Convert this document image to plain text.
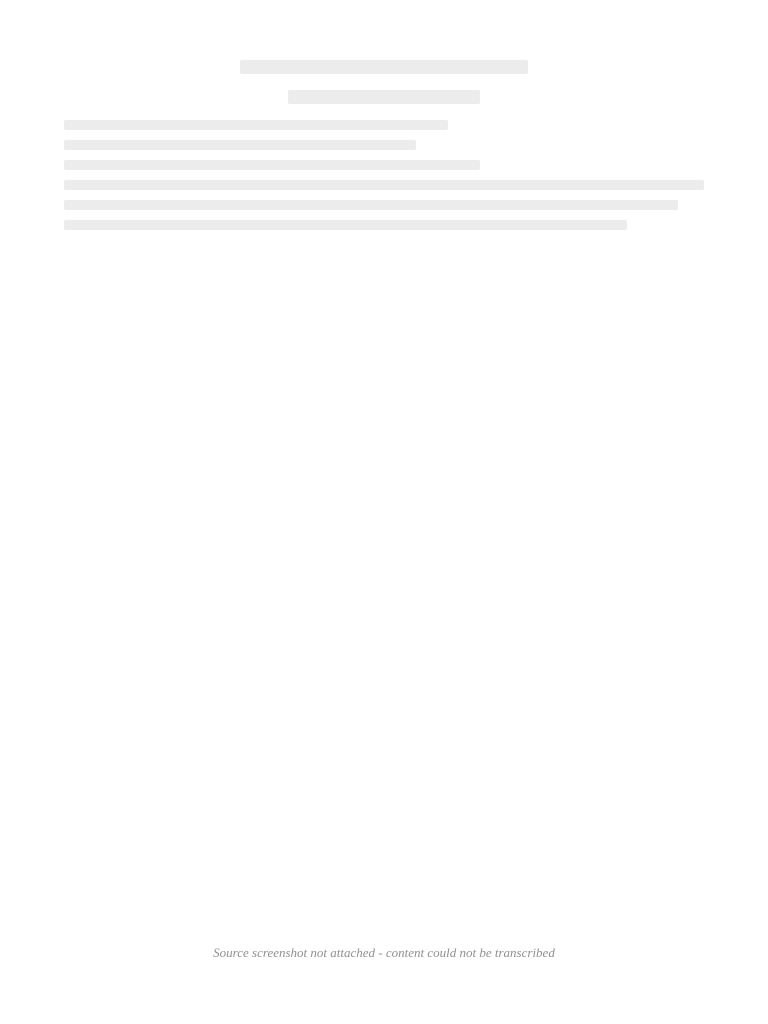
Source screenshot not attached - content could not be transcribed
